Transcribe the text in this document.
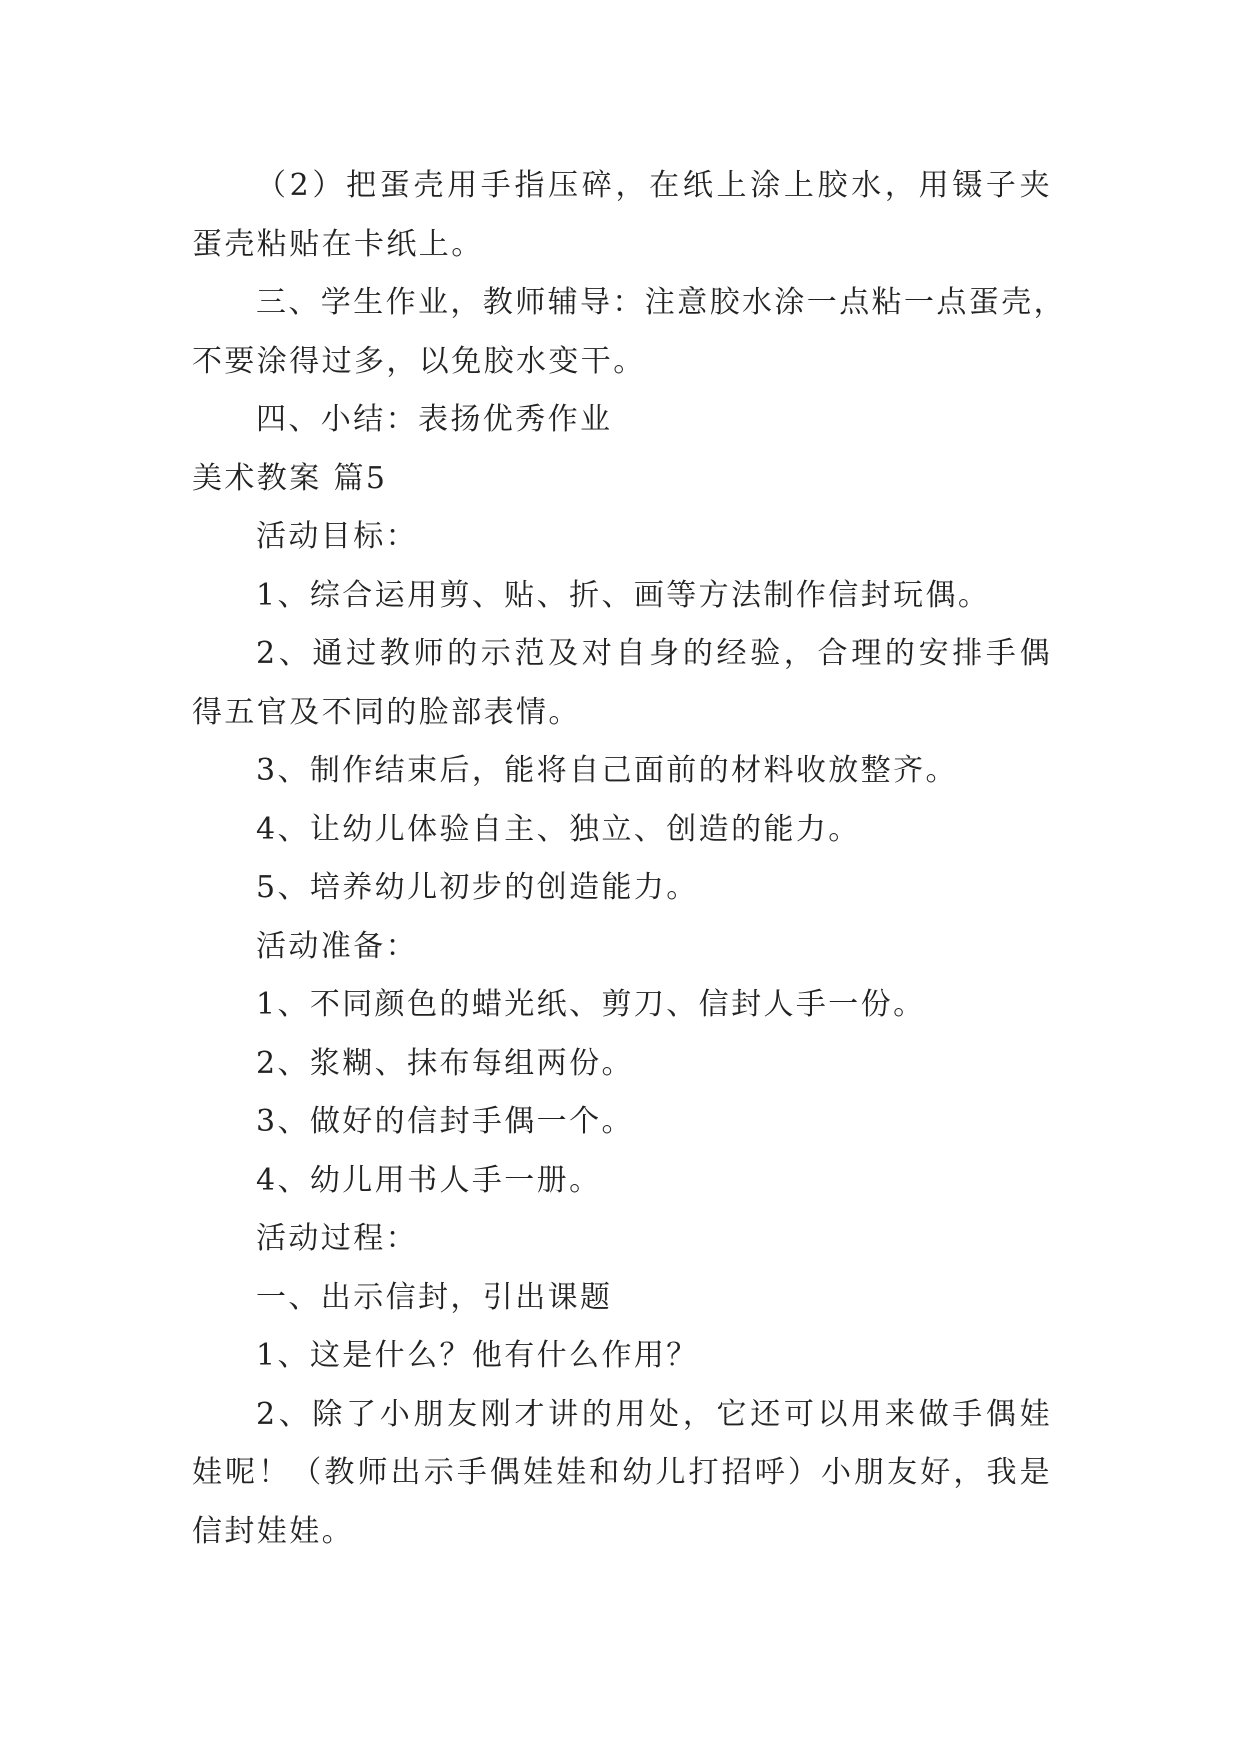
（2）把蛋壳用手指压碎，在纸上涂上胶水，用镊子夹
蛋壳粘贴在卡纸上。
三、学生作业，教师辅导：注意胶水涂一点粘一点蛋壳，
不要涂得过多，以免胶水变干。
四、小结：表扬优秀作业
美术教案 篇5
活动目标：
1、综合运用剪、贴、折、画等方法制作信封玩偶。
2、通过教师的示范及对自身的经验，合理的安排手偶
得五官及不同的脸部表情。
3、制作结束后，能将自己面前的材料收放整齐。
4、让幼儿体验自主、独立、创造的能力。
5、培养幼儿初步的创造能力。
活动准备：
1、不同颜色的蜡光纸、剪刀、信封人手一份。
2、浆糊、抹布每组两份。
3、做好的信封手偶一个。
4、幼儿用书人手一册。
活动过程：
一、出示信封，引出课题
1、这是什么？他有什么作用？
2、除了小朋友刚才讲的用处，它还可以用来做手偶娃
娃呢！（教师出示手偶娃娃和幼儿打招呼）小朋友好，我是
信封娃娃。
